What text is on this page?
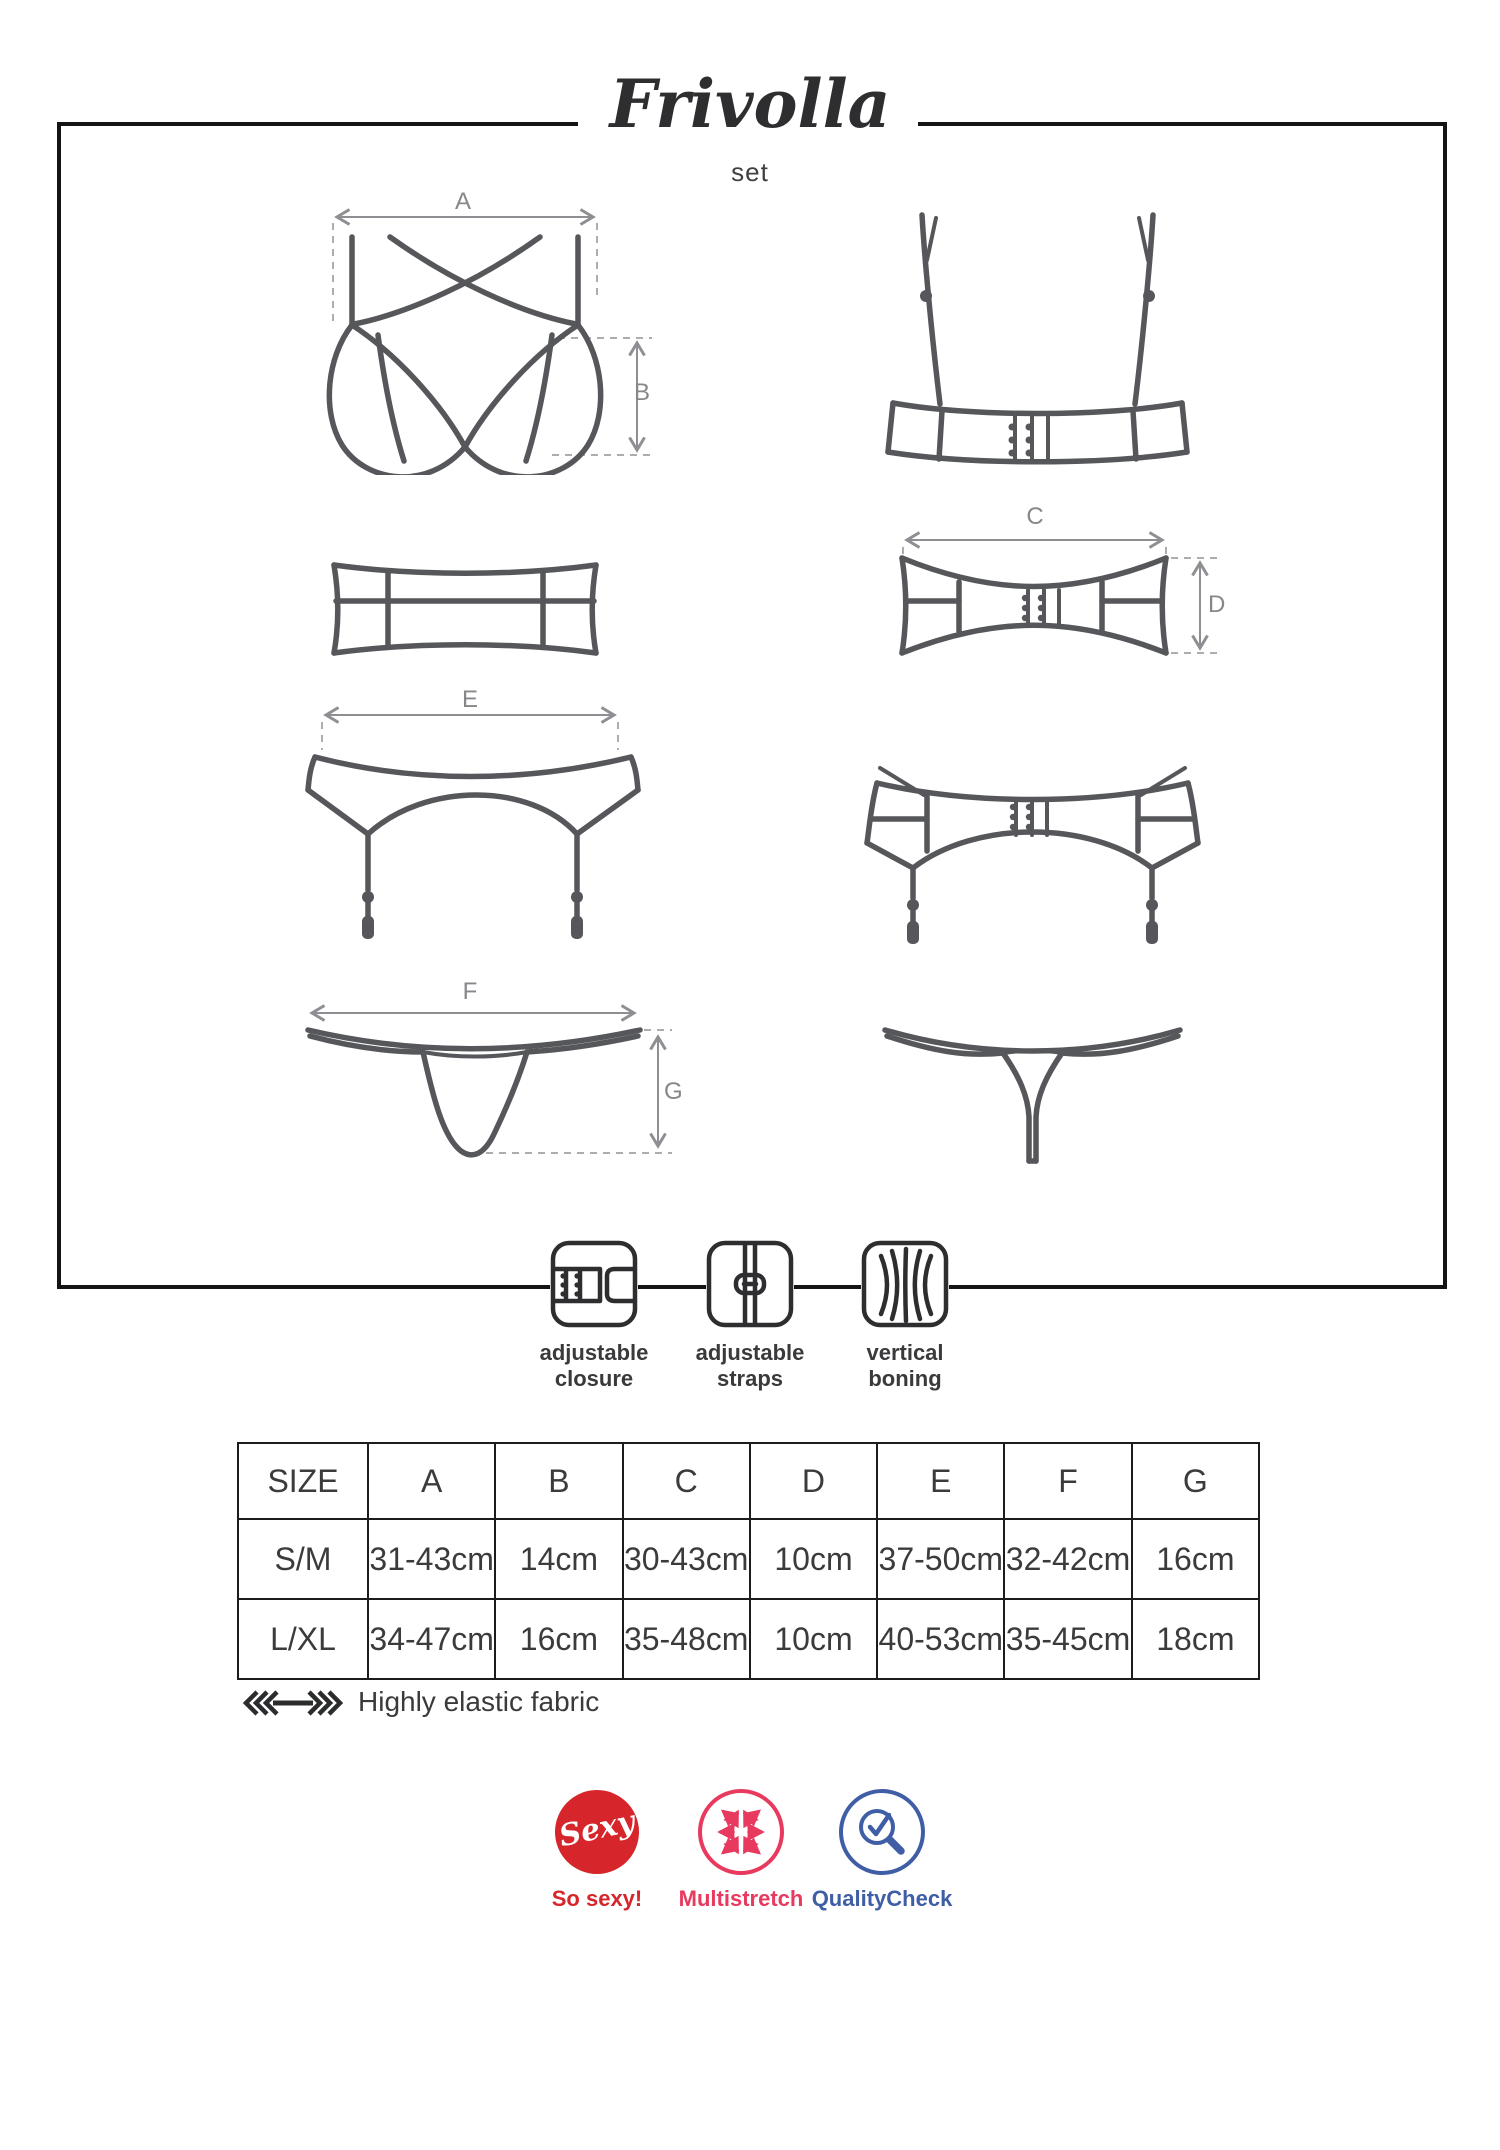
Frivolla
set
A
B
C
D
E
F
G
adjustable
closure
adjustable
straps
vertical
boning
SIZE	A	B	C	D	E	F	G
S/M	31-43cm	14cm	30-43cm	10cm	37-50cm	32-42cm	16cm
L/XL	34-47cm	16cm	35-48cm	10cm	40-53cm	35-45cm	18cm
Highly elastic fabric
Sexy
So sexy! Multistretch QualityCheck
